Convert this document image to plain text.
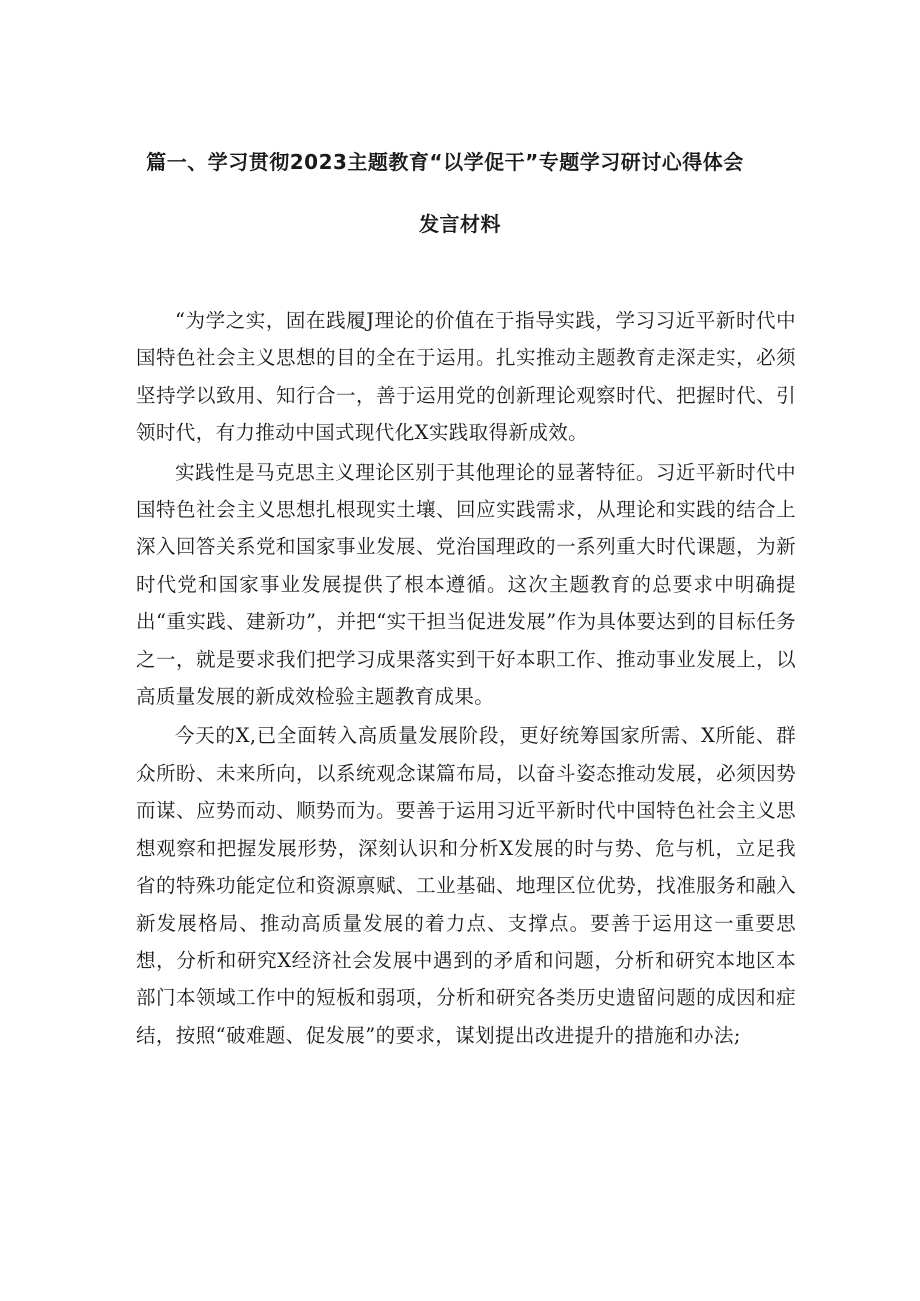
篇一、学习贯彻2023主题教育“以学促干”专题学习研讨心得体会
发言材料

“为学之实，固在践履J理论的价值在于指导实践，学习习近平新时代中国特色社会主义思想的目的全在于运用。扎实推动主题教育走深走实，必须坚持学以致用、知行合一，善于运用党的创新理论观察时代、把握时代、引领时代，有力推动中国式现代化X实践取得新成效。

实践性是马克思主义理论区别于其他理论的显著特征。习近平新时代中国特色社会主义思想扎根现实土壤、回应实践需求，从理论和实践的结合上深入回答关系党和国家事业发展、党治国理政的一系列重大时代课题，为新时代党和国家事业发展提供了根本遵循。这次主题教育的总要求中明确提出“重实践、建新功”，并把“实干担当促进发展”作为具体要达到的目标任务之一，就是要求我们把学习成果落实到干好本职工作、推动事业发展上，以高质量发展的新成效检验主题教育成果。

今天的X,已全面转入高质量发展阶段，更好统筹国家所需、X所能、群众所盼、未来所向，以系统观念谋篇布局，以奋斗姿态推动发展，必须因势而谋、应势而动、顺势而为。要善于运用习近平新时代中国特色社会主义思想观察和把握发展形势，深刻认识和分析X发展的时与势、危与机，立足我省的特殊功能定位和资源禀赋、工业基础、地理区位优势，找准服务和融入新发展格局、推动高质量发展的着力点、支撑点。要善于运用这一重要思想，分析和研究X经济社会发展中遇到的矛盾和问题，分析和研究本地区本部门本领域工作中的短板和弱项，分析和研究各类历史遗留问题的成因和症结，按照“破难题、促发展”的要求，谋划提出改进提升的措施和办法;
